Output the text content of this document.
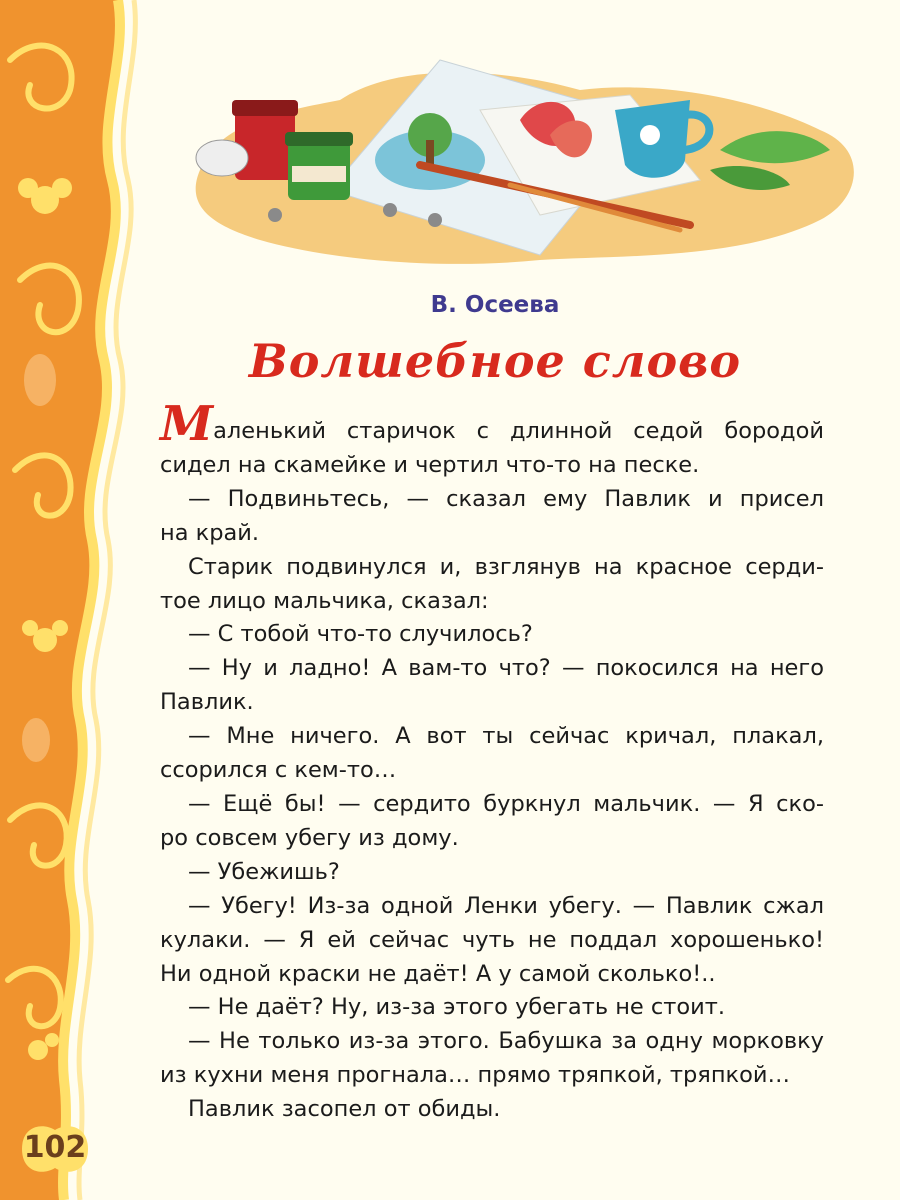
В. Осеева
Волшебное слово
Маленький старичок с длинной седой бородой
сидел на скамейке и чертил что-то на песке.
— Подвиньтесь, — сказал ему Павлик и присел
на край.
Старик подвинулся и, взглянув на красное серди-
тое лицо мальчика, сказал:
— С тобой что-то случилось?
— Ну и ладно! А вам-то что? — покосился на него
Павлик.
— Мне ничего. А вот ты сейчас кричал, плакал,
ссорился с кем-то…
— Ещё бы! — сердито буркнул мальчик. — Я ско-
ро совсем убегу из дому.
— Убежишь?
— Убегу! Из-за одной Ленки убегу. — Павлик сжал
кулаки. — Я ей сейчас чуть не поддал хорошенько!
Ни одной краски не даёт! А у самой сколько!..
— Не даёт? Ну, из-за этого убегать не стоит.
— Не только из-за этого. Бабушка за одну морковку
из кухни меня прогнала… прямо тряпкой, тряпкой…
Павлик засопел от обиды.
102
